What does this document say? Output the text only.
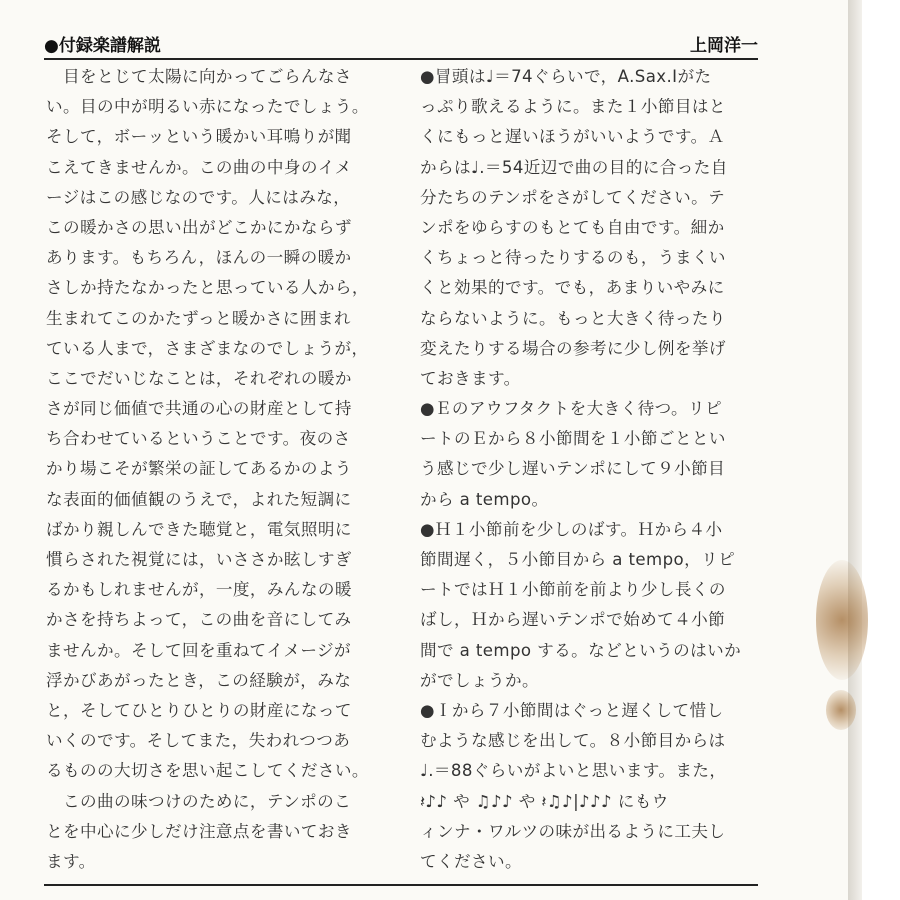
●付録楽譜解説	上岡洋一
　目をとじて太陽に向かってごらんなさ
い。目の中が明るい赤になったでしょう。
そして，ボーッという暖かい耳鳴りが聞
こえてきませんか。この曲の中身のイメ
ージはこの感じなのです。人にはみな，
この暖かさの思い出がどこかにかならず
あります。もちろん，ほんの一瞬の暖か
さしか持たなかったと思っている人から，
生まれてこのかたずっと暖かさに囲まれ
ている人まで，さまざまなのでしょうが，
ここでだいじなことは，それぞれの暖か
さが同じ価値で共通の心の財産として持
ち合わせているということです。夜のさ
かり場こそが繁栄の証してあるかのよう
な表面的価値観のうえで，よれた短調に
ばかり親しんできた聴覚と，電気照明に
慣らされた視覚には，いささか眩しすぎ
るかもしれませんが，一度，みんなの暖
かさを持ちよって，この曲を音にしてみ
ませんか。そして回を重ねてイメージが
浮かびあがったとき，この経験が，みな
と，そしてひとりひとりの財産になって
いくのです。そしてまた，失われつつあ
るものの大切さを思い起こしてください。
　この曲の味つけのために，テンポのこ
とを中心に少しだけ注意点を書いておき
ます。
●冒頭は♩＝74ぐらいで，A.Sax.Ⅰがた
っぷり歌えるように。また１小節目はと
くにもっと遅いほうがいいようです。Ａ
からは♩.＝54近辺で曲の目的に合った自
分たちのテンポをさがしてください。テ
ンポをゆらすのもとても自由です。細か
くちょっと待ったりするのも，うまくい
くと効果的です。でも，あまりいやみに
ならないように。もっと大きく待ったり
変えたりする場合の参考に少し例を挙げ
ておきます。
●Ｅのアウフタクトを大きく待つ。リピ
ートのＥから８小節間を１小節ごととい
う感じで少し遅いテンポにして９小節目
から a tempo。
●Ｈ１小節前を少しのばす。Ｈから４小
節間遅く，５小節目から a tempo，リピ
ートではＨ１小節前を前より少し長くの
ばし，Ｈから遅いテンポで始めて４小節
間で a tempo する。などというのはいか
がでしょうか。
●Ｉから７小節間はぐっと遅くして惜し
むような感じを出して。８小節目からは
♩.＝88ぐらいがよいと思います。また，
𝄽♪♪ や ♫♪♪ や 𝄽♫♪|♪♪♪ にもウ
ィンナ・ワルツの味が出るように工夫し
てください。
